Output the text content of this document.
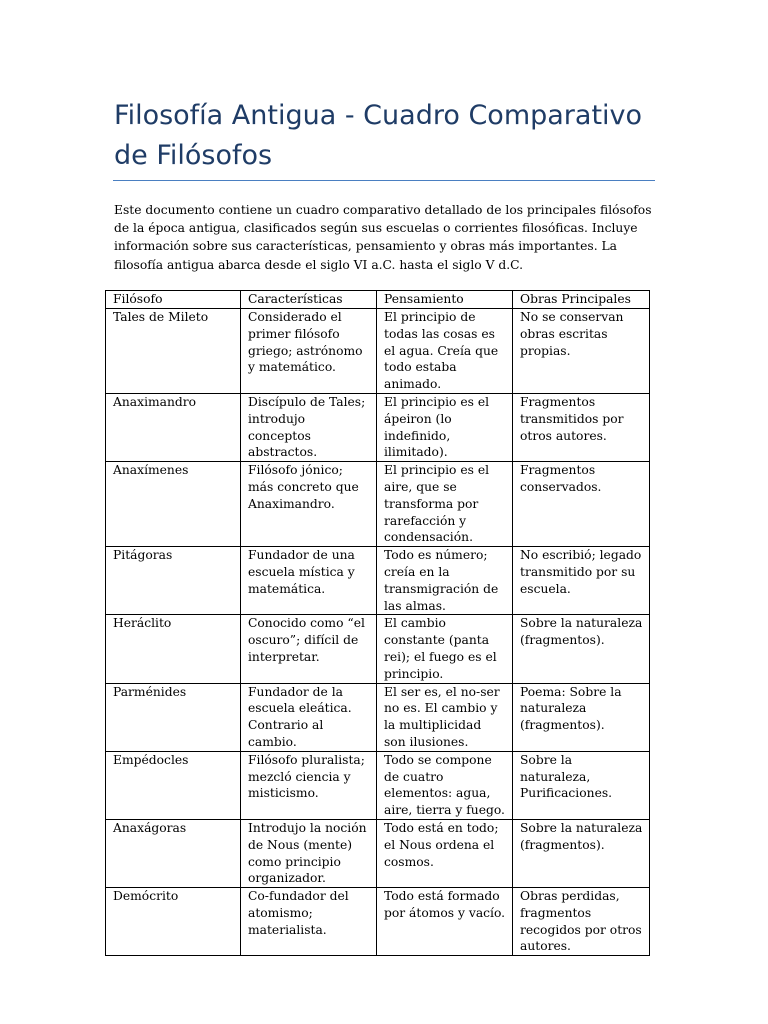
Filosofía Antigua - Cuadro Comparativo de Filósofos

Este documento contiene un cuadro comparativo detallado de los principales filósofos de la época antigua, clasificados según sus escuelas o corrientes filosóficas. Incluye información sobre sus características, pensamiento y obras más importantes. La filosofía antigua abarca desde el siglo VI a.C. hasta el siglo V d.C.

Filósofo	Características	Pensamiento	Obras Principales
Tales de Mileto	Considerado el primer filósofo griego; astrónomo y matemático.	El principio de todas las cosas es el agua. Creía que todo estaba animado.	No se conservan obras escritas propias.
Anaximandro	Discípulo de Tales; introdujo conceptos abstractos.	El principio es el ápeiron (lo indefinido, ilimitado).	Fragmentos transmitidos por otros autores.
Anaxímenes	Filósofo jónico; más concreto que Anaximandro.	El principio es el aire, que se transforma por rarefacción y condensación.	Fragmentos conservados.
Pitágoras	Fundador de una escuela mística y matemática.	Todo es número; creía en la transmigración de las almas.	No escribió; legado transmitido por su escuela.
Heráclito	Conocido como “el oscuro”; difícil de interpretar.	El cambio constante (panta rei); el fuego es el principio.	Sobre la naturaleza (fragmentos).
Parménides	Fundador de la escuela eleática. Contrario al cambio.	El ser es, el no-ser no es. El cambio y la multiplicidad son ilusiones.	Poema: Sobre la naturaleza (fragmentos).
Empédocles	Filósofo pluralista; mezcló ciencia y misticismo.	Todo se compone de cuatro elementos: agua, aire, tierra y fuego.	Sobre la naturaleza, Purificaciones.
Anaxágoras	Introdujo la noción de Nous (mente) como principio organizador.	Todo está en todo; el Nous ordena el cosmos.	Sobre la naturaleza (fragmentos).
Demócrito	Co-fundador del atomismo; materialista.	Todo está formado por átomos y vacío.	Obras perdidas, fragmentos recogidos por otros autores.
